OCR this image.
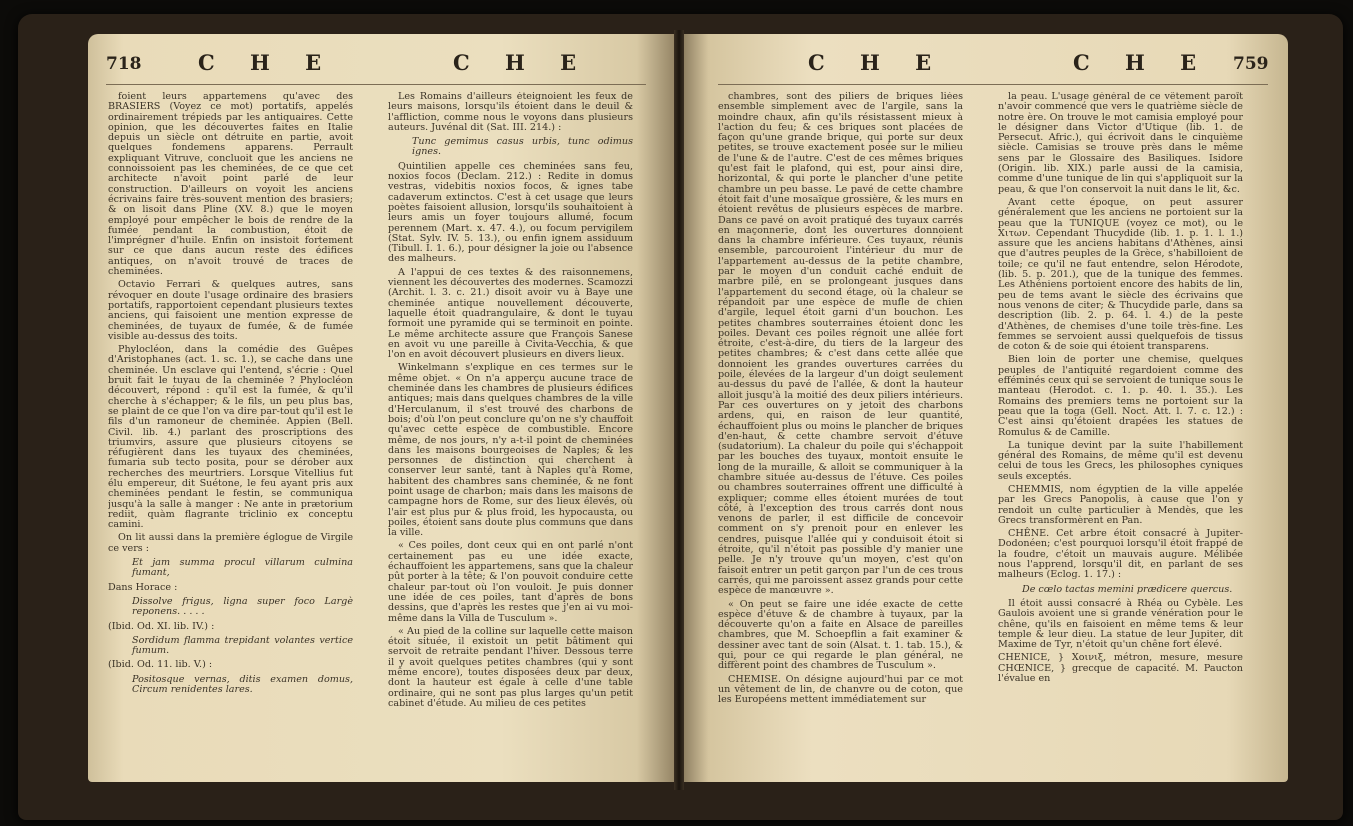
718	C H E	C H E

foient leurs appartemens qu'avec des BRASIERS (Voyez ce mot) portatifs, appelés ordinairement trépieds par les antiquaires. Cette opinion, que les découvertes faites en Italie depuis un siècle ont détruite en partie, avoit quelques fondemens apparens. Perrault expliquant Vitruve, concluoit que les anciens ne connoissoient pas les cheminées, de ce que cet architecte n'avoit point parlé de leur construction. D'ailleurs on voyoit les anciens écrivains faire très-souvent mention des brasiers; & on lisoit dans Pline (XV. 8.) que le moyen employé pour empêcher le bois de rendre de la fumée pendant la combustion, étoit de l'imprégner d'huile. Enfin on insistoit fortement sur ce que dans aucun reste des édifices antiques, on n'avoit trouvé de traces de cheminées.

Octavio Ferrari & quelques autres, sans révoquer en doute l'usage ordinaire des brasiers portatifs, rapportoient cependant plusieurs textes anciens, qui faisoient une mention expresse de cheminées, de tuyaux de fumée, & de fumée visible au-dessus des toits.

Phylocléon, dans la comédie des Guêpes d'Aristophanes (act. 1. sc. 1.), se cache dans une cheminée. Un esclave qui l'entend, s'écrie : Quel bruit fait le tuyau de la cheminée ? Phylocléon découvert, répond : qu'il est la fumée, & qu'il cherche à s'échapper; & le fils, un peu plus bas, se plaint de ce que l'on va dire par-tout qu'il est le fils d'un ramoneur de cheminée. Appien (Bell. Civil. lib. 4.) parlant des proscriptions des triumvirs, assure que plusieurs citoyens se réfugièrent dans les tuyaux des cheminées, fumaria sub tecto posita, pour se dérober aux recherches des meurtriers. Lorsque Vitellius fut élu empereur, dit Suétone, le feu ayant pris aux cheminées pendant le festin, se communiqua jusqu'à la salle à manger : Ne ante in prætorium rediit, quàm flagrante triclinio ex conceptu camini.

On lit aussi dans la première églogue de Virgile ce vers :

Et jam summa procul villarum culmina fumant,

Dans Horace :

Dissolve frigus, ligna super foco Largè reponens. . . . .

(Ibid. Od. XI. lib. IV.) :

Sordidum flamma trepidant volantes vertice fumum.

(Ibid. Od. 11. lib. V.) :

Positosque vernas, ditis examen domus, Circum renidentes lares.

Les Romains d'ailleurs éteignoient les feux de leurs maisons, lorsqu'ils étoient dans le deuil & l'affliction, comme nous le voyons dans plusieurs auteurs. Juvénal dit (Sat. III. 214.) :

Tunc gemimus casus urbis, tunc odimus ignes.

Quintilien appelle ces cheminées sans feu, noxios focos (Declam. 212.) : Redite in domus vestras, videbitis noxios focos, & ignes tabe cadaverum extinctos. C'est à cet usage que leurs poètes faisoient allusion, lorsqu'ils souhaitoient à leurs amis un foyer toujours allumé, focum perennem (Mart. x. 47. 4.), ou focum pervigilem (Stat. Sylv. IV. 5. 13.), ou enfin ignem assiduum (Tibull. I. 1. 6.), pour désigner la joie ou l'absence des malheurs.

A l'appui de ces textes & des raisonnemens, viennent les découvertes des modernes. Scamozzi (Archit. l. 3. c. 21.) disoit avoir vu à Baye une cheminée antique nouvellement découverte, laquelle étoit quadrangulaire, & dont le tuyau formoit une pyramide qui se terminoit en pointe. Le même architecte assure que François Sanese en avoit vu une pareille à Civita-Vecchia, & que l'on en avoit découvert plusieurs en divers lieux.

Winkelmann s'explique en ces termes sur le même objet. « On n'a apperçu aucune trace de cheminée dans les chambres de plusieurs édifices antiques; mais dans quelques chambres de la ville d'Herculanum, il s'est trouvé des charbons de bois; d'où l'on peut conclure qu'on ne s'y chauffoit qu'avec cette espèce de combustible. Encore même, de nos jours, n'y a-t-il point de cheminées dans les maisons bourgeoises de Naples; & les personnes de distinction qui cherchent à conserver leur santé, tant à Naples qu'à Rome, habitent des chambres sans cheminée, & ne font point usage de charbon; mais dans les maisons de campagne hors de Rome, sur des lieux élevés, où l'air est plus pur & plus froid, les hypocausta, ou poiles, étoient sans doute plus communs que dans la ville.

« Ces poiles, dont ceux qui en ont parlé n'ont certainement pas eu une idée exacte, échauffoient les appartemens, sans que la chaleur pût porter à la tête; & l'on pouvoit conduire cette chaleur par-tout où l'on vouloit. Je puis donner une idée de ces poiles, tant d'après de bons dessins, que d'après les restes que j'en ai vu moi-même dans la Villa de Tusculum ».

« Au pied de la colline sur laquelle cette maison étoit située, il existoit un petit bâtiment qui servoit de retraite pendant l'hiver. Dessous terre il y avoit quelques petites chambres (qui y sont même encore), toutes disposées deux par deux, dont la hauteur est égale à celle d'une table ordinaire, qui ne sont pas plus larges qu'un petit cabinet d'étude. Au milieu de ces petites

C H E	C H E 759

chambres, sont des piliers de briques liées ensemble simplement avec de l'argile, sans la moindre chaux, afin qu'ils résistassent mieux à l'action du feu; & ces briques sont placées de façon qu'une grande brique, qui porte sur deux petites, se trouve exactement posée sur le milieu de l'une & de l'autre. C'est de ces mêmes briques qu'est fait le plafond, qui est, pour ainsi dire, horizontal, & qui porte le plancher d'une petite chambre un peu basse. Le pavé de cette chambre étoit fait d'une mosaïque grossière, & les murs en étoient revêtus de plusieurs espèces de marbre. Dans ce pavé on avoit pratiqué des tuyaux carrés en maçonnerie, dont les ouvertures donnoient dans la chambre inférieure. Ces tuyaux, réunis ensemble, parcouroient l'intérieur du mur de l'appartement au-dessus de la petite chambre, par le moyen d'un conduit caché enduit de marbre pilé, en se prolongeant jusques dans l'appartement du second étage, où la chaleur se répandoit par une espèce de mufle de chien d'argile, lequel étoit garni d'un bouchon. Les petites chambres souterraines étoient donc les poiles. Devant ces poiles régnoit une allée fort étroite, c'est-à-dire, du tiers de la largeur des petites chambres; & c'est dans cette allée que donnoient les grandes ouvertures carrées du poile, élevées de la largeur d'un doigt seulement au-dessus du pavé de l'allée, & dont la hauteur alloit jusqu'à la moitié des deux piliers intérieurs. Par ces ouvertures on y jetoit des charbons ardens, qui, en raison de leur quantité, échauffoient plus ou moins le plancher de briques d'en-haut, & cette chambre servoit d'étuve (sudatorium). La chaleur du poile qui s'échappoit par les bouches des tuyaux, montoit ensuite le long de la muraille, & alloit se communiquer à la chambre située au-dessus de l'étuve. Ces poiles ou chambres souterraines offrent une difficulté à expliquer; comme elles étoient murées de tout côté, à l'exception des trous carrés dont nous venons de parler, il est difficile de concevoir comment on s'y prenoit pour en enlever les cendres, puisque l'allée qui y conduisoit étoit si étroite, qu'il n'étoit pas possible d'y manier une pelle. Je n'y trouve qu'un moyen, c'est qu'on faisoit entrer un petit garçon par l'un de ces trous carrés, qui me paroissent assez grands pour cette espèce de manœuvre ».

« On peut se faire une idée exacte de cette espèce d'étuve & de chambre à tuyaux, par la découverte qu'on a faite en Alsace de pareilles chambres, que M. Schoepflin a fait examiner & dessiner avec tant de soin (Alsat. t. 1. tab. 15.), & qui, pour ce qui regarde le plan général, ne diffèrent point des chambres de Tusculum ».

CHEMISE. On désigne aujourd'hui par ce mot un vêtement de lin, de chanvre ou de coton, que les Européens mettent immédiatement sur

la peau. L'usage général de ce vêtement paroît n'avoir commencé que vers le quatrième siècle de notre ère. On trouve le mot camisia employé pour le désigner dans Victor d'Utique (lib. 1. de Persecut. Afric.), qui écrivoit dans le cinquième siècle. Camisias se trouve près dans le même sens par le Glossaire des Basiliques. Isidore (Origin. lib. XIX.) parle aussi de la camisia, comme d'une tunique de lin qui s'appliquoit sur la peau, & que l'on conservoit la nuit dans le lit, &c.

Avant cette époque, on peut assurer généralement que les anciens ne portoient sur la peau que la TUNIQUE (voyez ce mot), ou le Χιτων. Cependant Thucydide (lib. 1. p. 1. l. 1.) assure que les anciens habitans d'Athènes, ainsi que d'autres peuples de la Grèce, s'habilloient de toile; ce qu'il ne faut entendre, selon Hérodote, (lib. 5. p. 201.), que de la tunique des femmes. Les Athéniens portoient encore des habits de lin, peu de tems avant le siècle des écrivains que nous venons de citer; & Thucydide parle, dans sa description (lib. 2. p. 64. l. 4.) de la peste d'Athènes, de chemises d'une toile très-fine. Les femmes se servoient aussi quelquefois de tissus de coton & de soie qui étoient transparens.

Bien loin de porter une chemise, quelques peuples de l'antiquité regardoient comme des efféminés ceux qui se servoient de tunique sous le manteau (Herodot. c. 1. p. 40. l. 35.). Les Romains des premiers tems ne portoient sur la peau que la toga (Gell. Noct. Att. l. 7. c. 12.) : C'est ainsi qu'étoient drapées les statues de Romulus & de Camille.

La tunique devint par la suite l'habillement général des Romains, de même qu'il est devenu celui de tous les Grecs, les philosophes cyniques seuls exceptés.

CHEMMIS, nom égyptien de la ville appelée par les Grecs Panopolis, à cause que l'on y rendoit un culte particulier à Mendès, que les Grecs transformèrent en Pan.

CHÊNE. Cet arbre étoit consacré à Jupiter-Dodonéen; c'est pourquoi lorsqu'il étoit frappé de la foudre, c'étoit un mauvais augure. Mélibée nous l'apprend, lorsqu'il dit, en parlant de ses malheurs (Eclog. 1. 17.) :

De cœlo tactas memini prædicere quercus.

Il étoit aussi consacré à Rhéa ou Cybèle. Les Gaulois avoient une si grande vénération pour le chêne, qu'ils en faisoient en même tems & leur temple & leur dieu. La statue de leur Jupiter, dit Maxime de Tyr, n'étoit qu'un chêne fort élevé.

CHENICE, } Χοινιξ, métron, mesure, mesure CHŒNICE, } grecque de capacité. M. Paucton l'évalue en
